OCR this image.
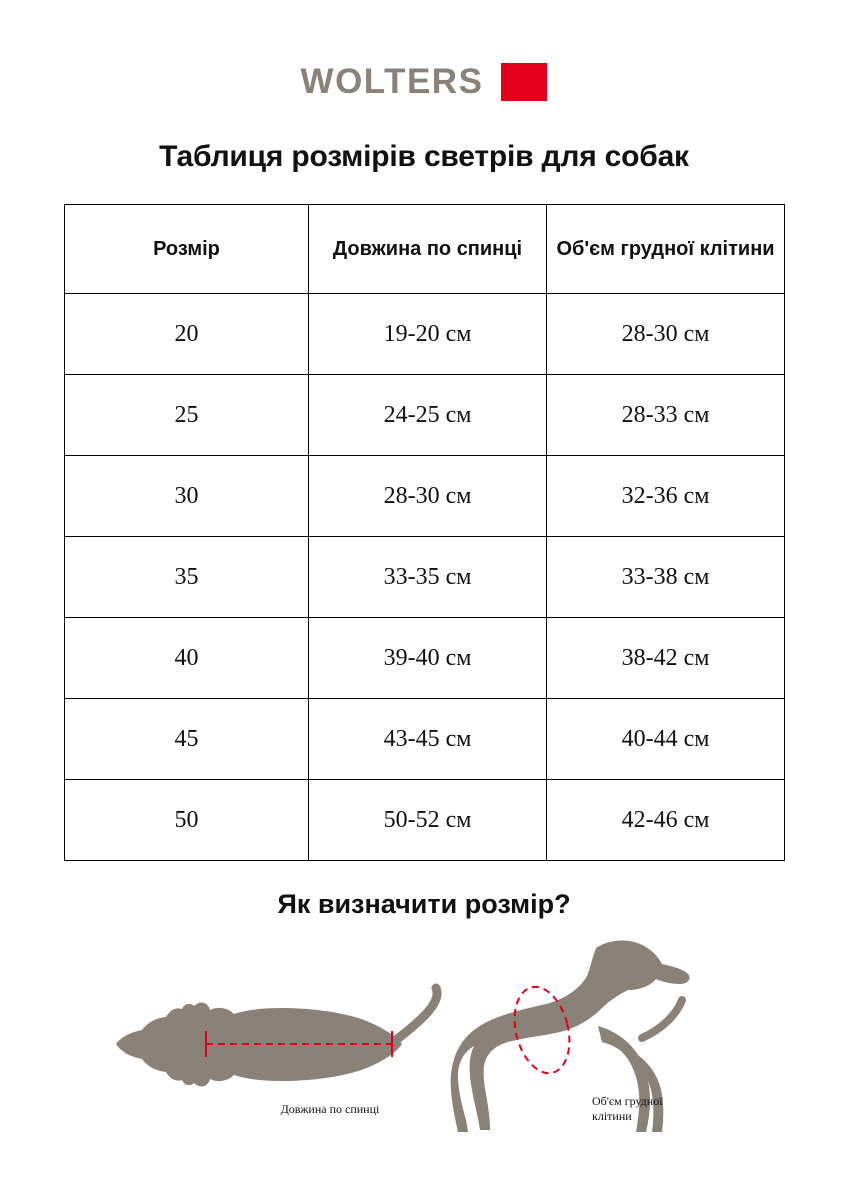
WOLTERS
Таблиця розмірів светрів для собак
Розмір	Довжина по спинці	Об'єм грудної клітини
20	19-20 см	28-30 см
25	24-25 см	28-33 см
30	28-30 см	32-36 см
35	33-35 см	33-38 см
40	39-40 см	38-42 см
45	43-45 см	40-44 см
50	50-52 см	42-46 см
Як визначити розмір?
Довжина по спинці
Об'єм грудної клітини
